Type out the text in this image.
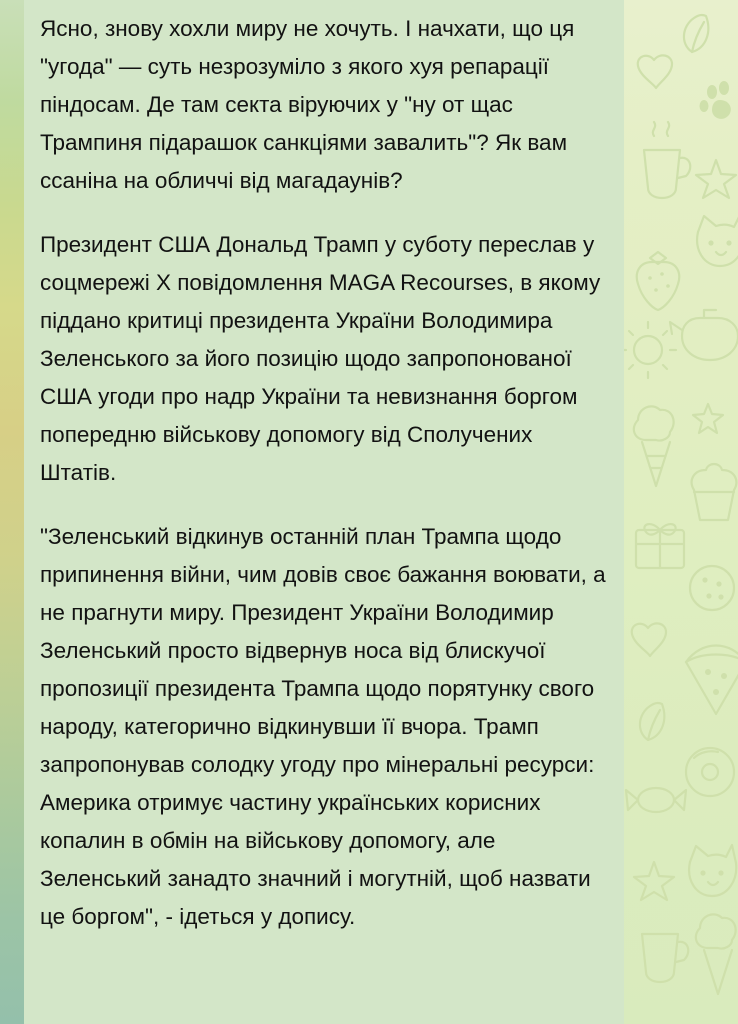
Ясно, знову хохли миру не хочуть. І начхати, що ця "угода" — суть незрозуміло з якого хуя репарації піндосам. Де там секта віруючих у "ну от щас Трампиня підарашок санкціями завалить"? Як вам ссаніна на обличчі від магадаунів?
Президент США Дональд Трамп у суботу переслав у соцмережі X повідомлення MAGA Recourses, в якому піддано критиці президента України Володимира Зеленського за його позицію щодо запропонованої США угоди про надр України та невизнання боргом попередню військову допомогу від Сполучених Штатів.
"Зеленський відкинув останній план Трампа щодо припинення війни, чим довів своє бажання воювати, а не прагнути миру. Президент України Володимир Зеленський просто відвернув носа від блискучої пропозиції президента Трампа щодо порятунку свого народу, категорично відкинувши її вчора. Трамп запропонував солодку угоду про мінеральні ресурси: Америка отримує частину українських корисних копалин в обмін на військову допомогу, але Зеленський занадто значний і могутній, щоб назвати це боргом", - ідеться у допису.
